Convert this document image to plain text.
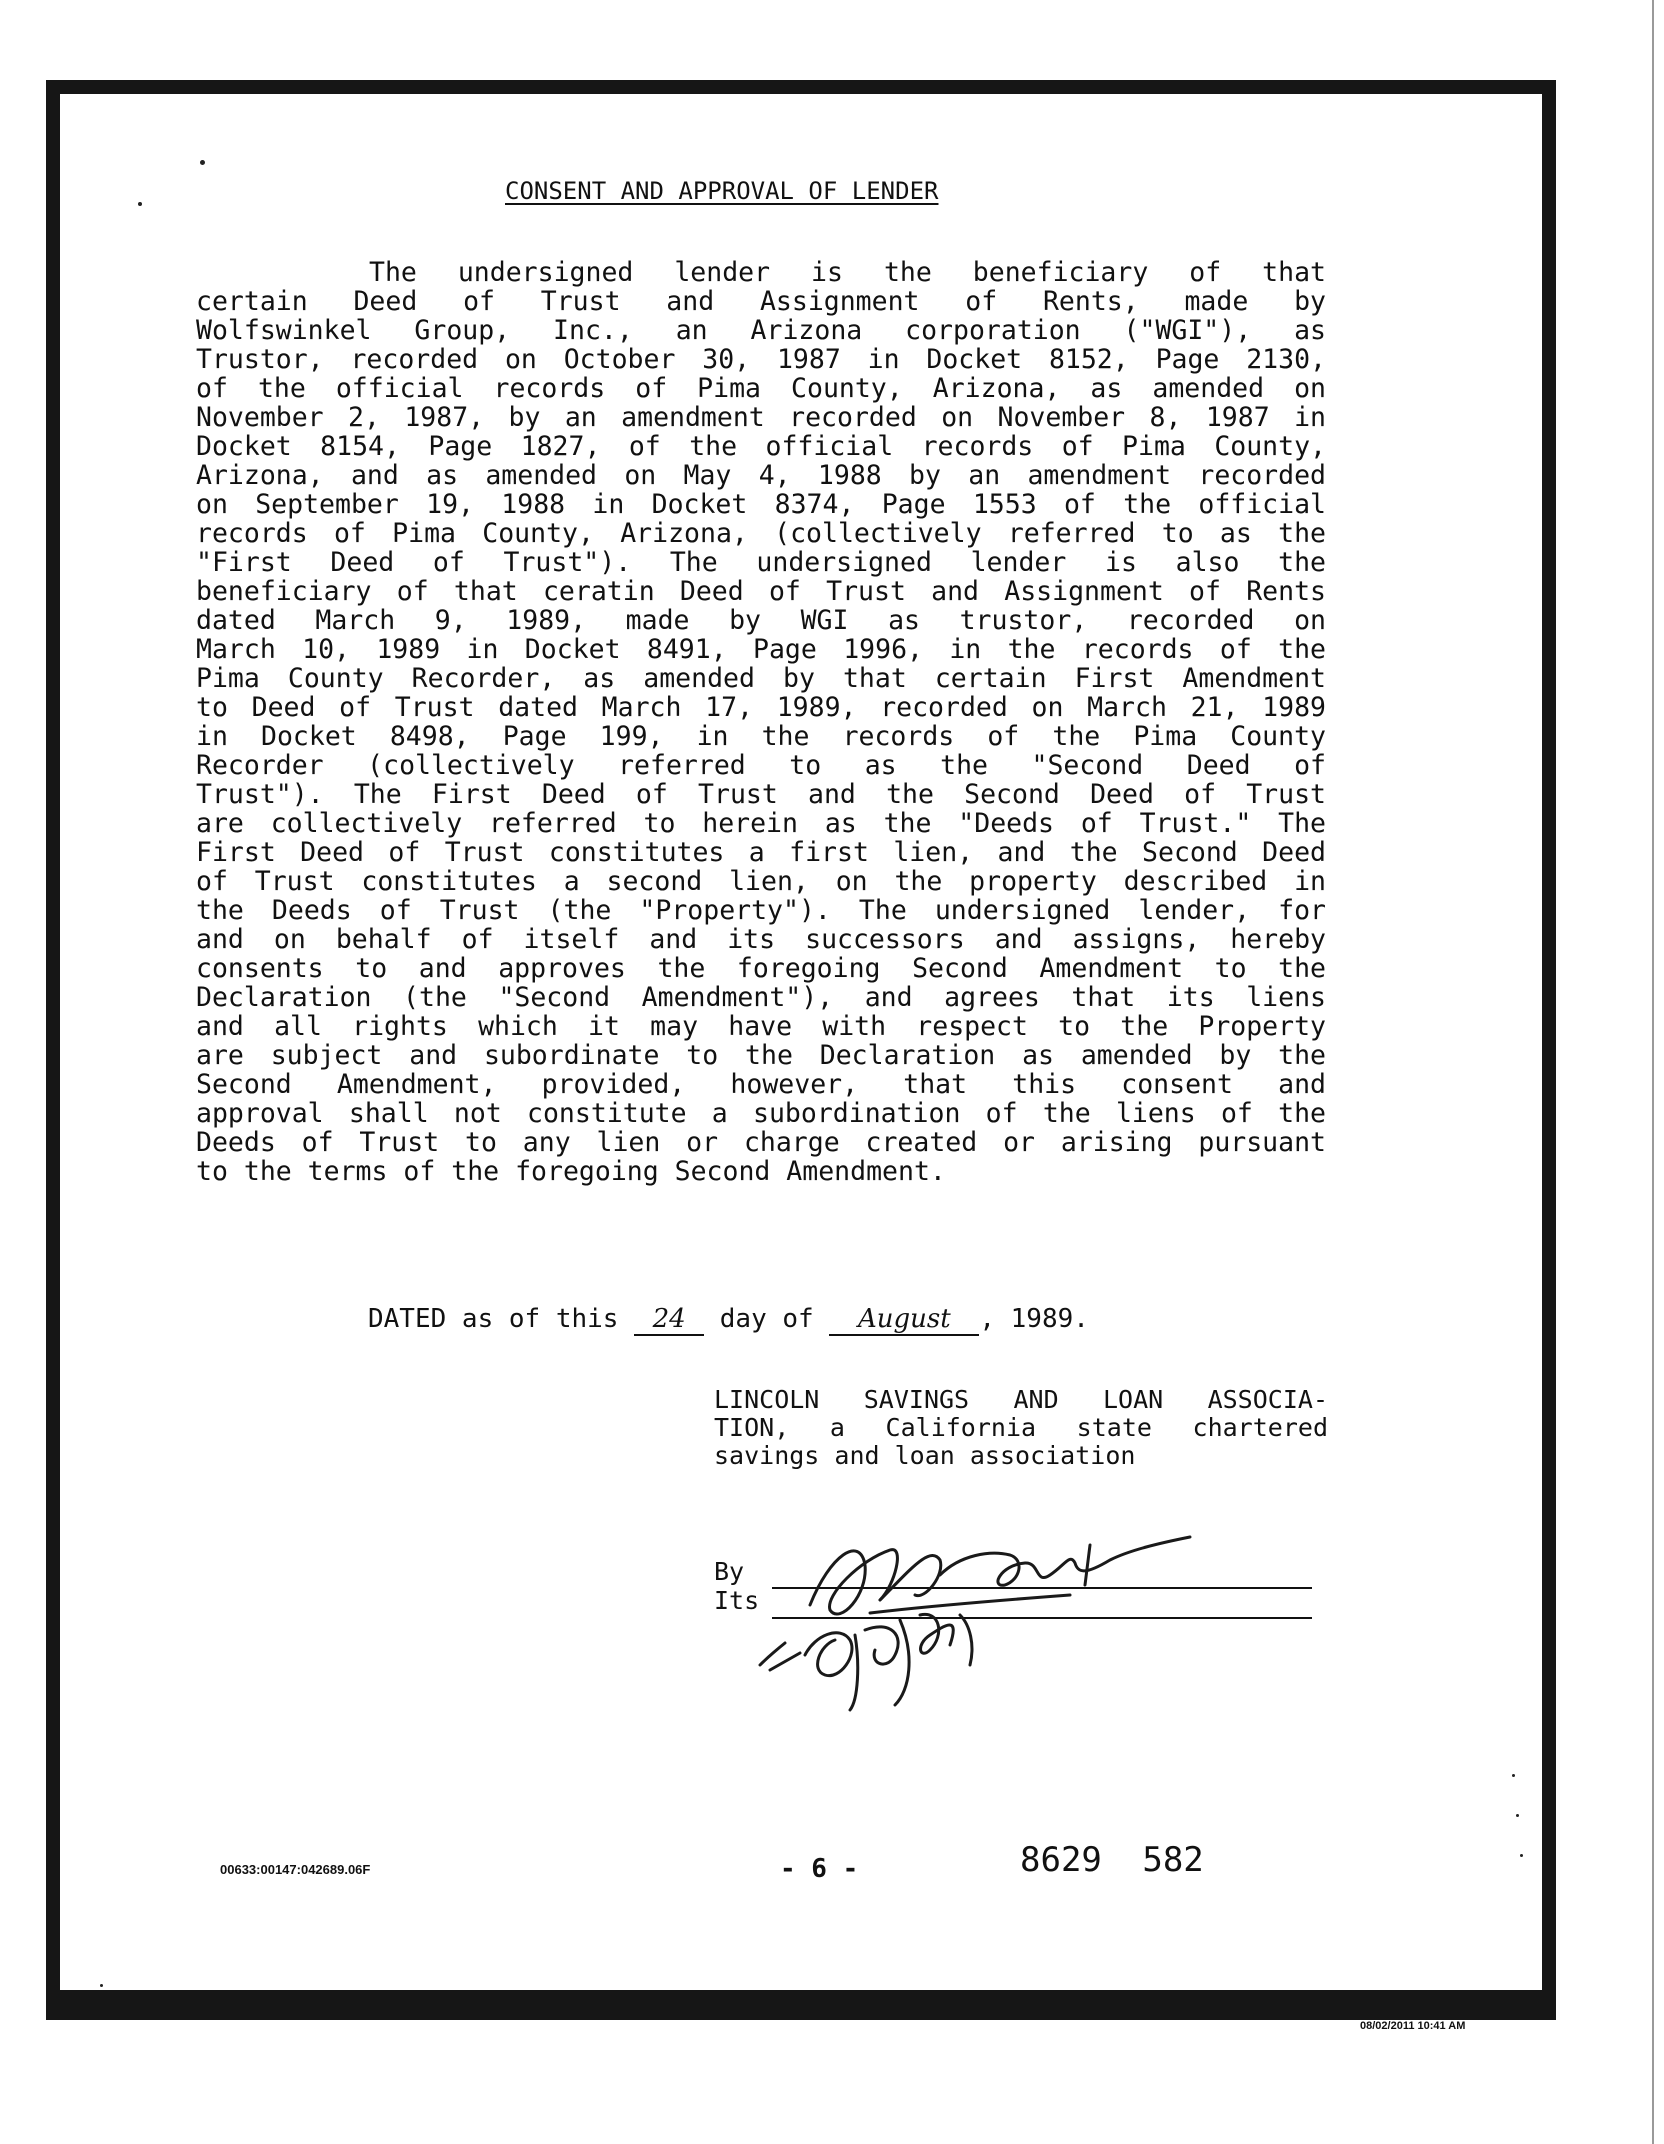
CONSENT AND APPROVAL OF LENDER
The undersigned lender is the beneficiary of that
certain Deed of Trust and Assignment of Rents, made by
Wolfswinkel Group, Inc., an Arizona corporation ("WGI"), as
Trustor, recorded on October 30, 1987 in Docket 8152, Page 2130,
of the official records of Pima County, Arizona, as amended on
November 2, 1987, by an amendment recorded on November 8, 1987 in
Docket 8154, Page 1827, of the official records of Pima County,
Arizona, and as amended on May 4, 1988 by an amendment recorded
on September 19, 1988 in Docket 8374, Page 1553 of the official
records of Pima County, Arizona, (collectively referred to as the
"First Deed of Trust"). The undersigned lender is also the
beneficiary of that ceratin Deed of Trust and Assignment of Rents
dated March 9, 1989, made by WGI as trustor, recorded on
March 10, 1989 in Docket 8491, Page 1996, in the records of the
Pima County Recorder, as amended by that certain First Amendment
to Deed of Trust dated March 17, 1989, recorded on March 21, 1989
in Docket 8498, Page 199, in the records of the Pima County
Recorder (collectively referred to as the "Second Deed of
Trust"). The First Deed of Trust and the Second Deed of Trust
are collectively referred to herein as the "Deeds of Trust." The
First Deed of Trust constitutes a first lien, and the Second Deed
of Trust constitutes a second lien, on the property described in
the Deeds of Trust (the "Property"). The undersigned lender, for
and on behalf of itself and its successors and assigns, hereby
consents to and approves the foregoing Second Amendment to the
Declaration (the "Second Amendment"), and agrees that its liens
and all rights which it may have with respect to the Property
are subject and subordinate to the Declaration as amended by the
Second Amendment, provided, however, that this consent and
approval shall not constitute a subordination of the liens of the
Deeds of Trust to any lien or charge created or arising pursuant
to the terms of the foregoing Second Amendment.
DATED as of this 24 day of August , 1989.
LINCOLN SAVINGS AND LOAN ASSOCIA-
TION, a California state chartered
savings and loan association
By
Its
00633:00147:042689.06F	- 6 -	8629 582
08/02/2011 10:41 AM
